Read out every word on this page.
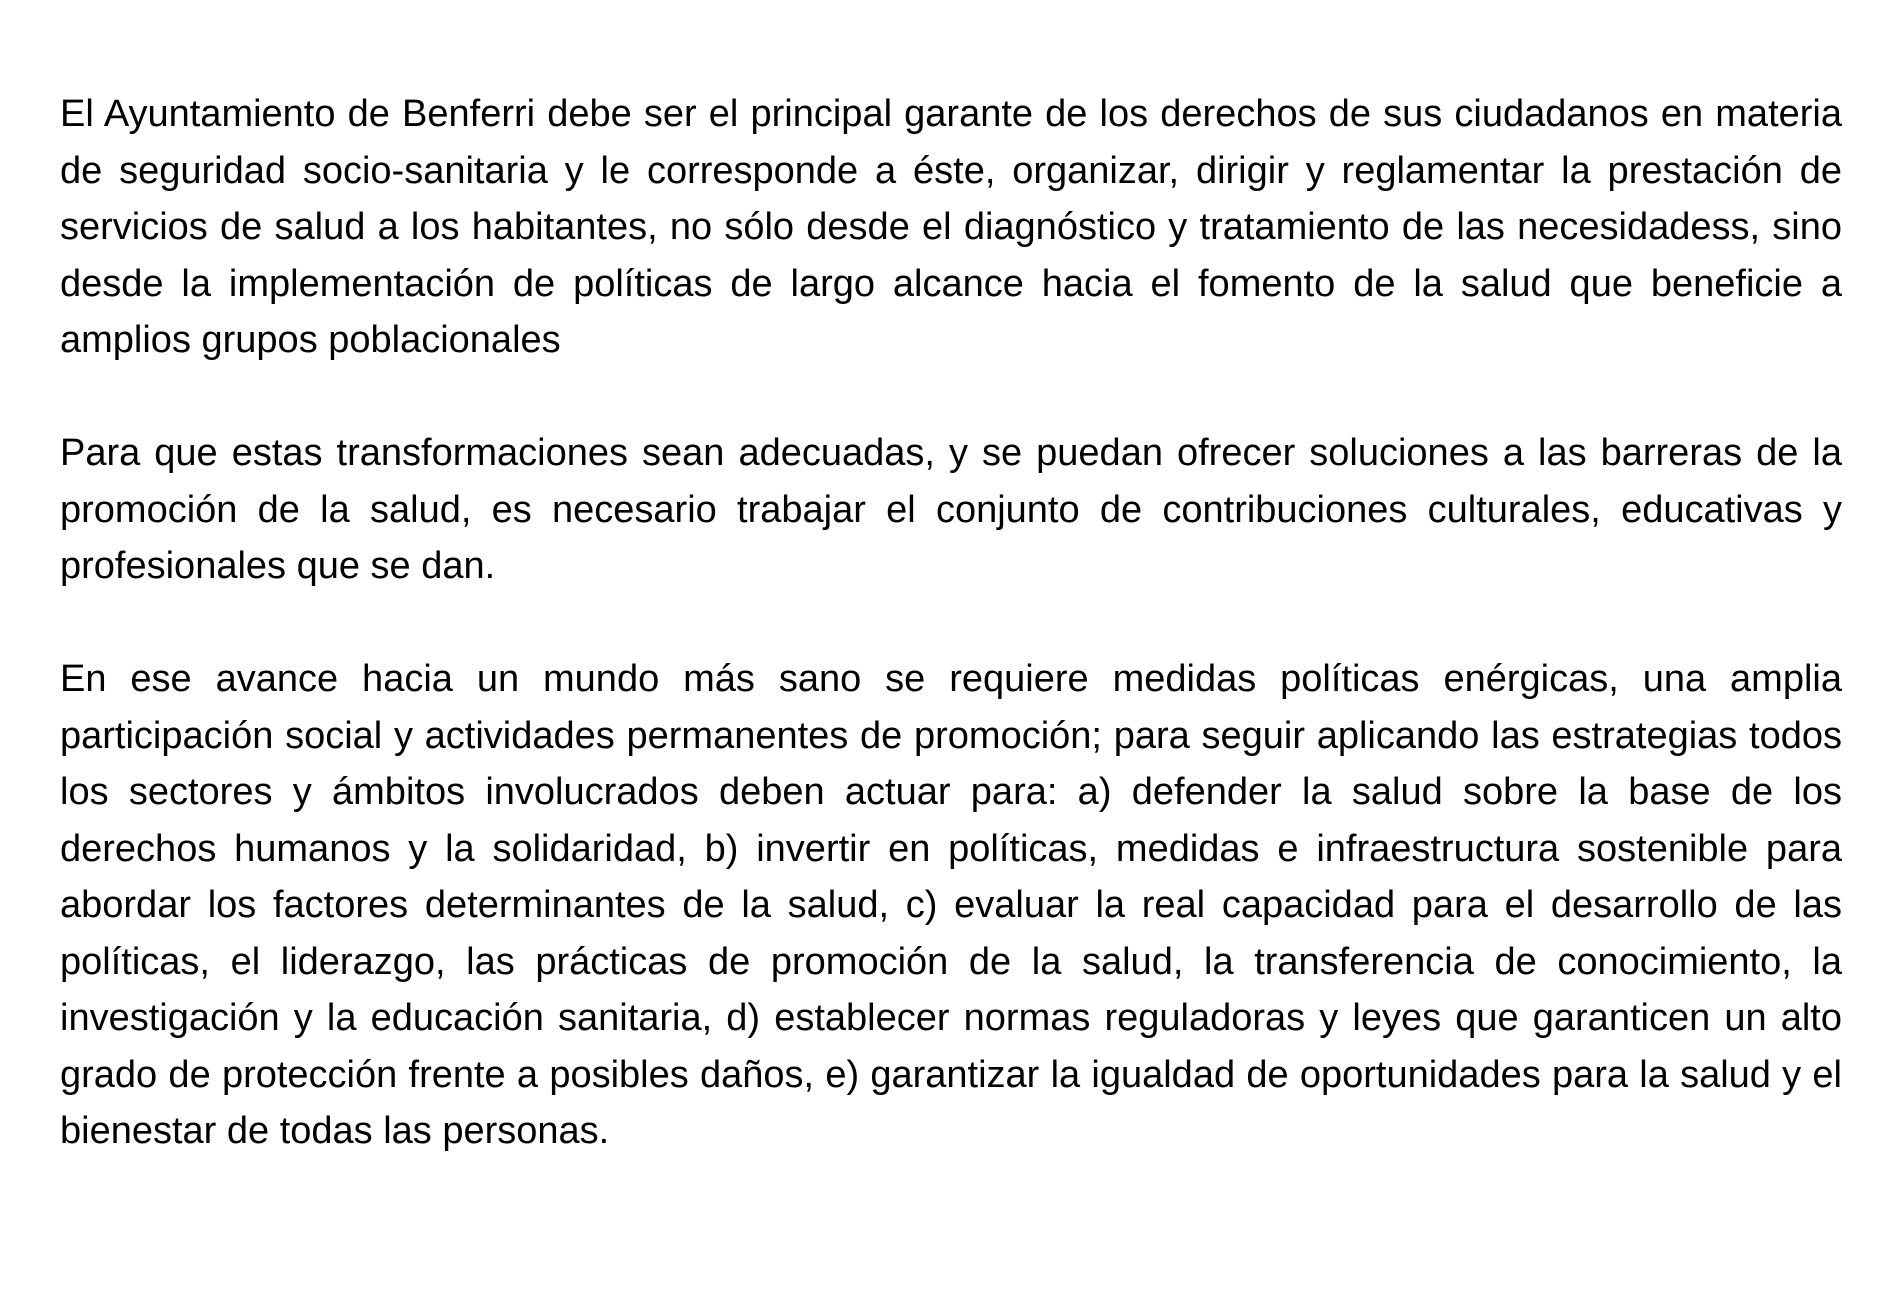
El Ayuntamiento de Benferri debe ser el principal garante de los derechos de sus ciudadanos en materia de seguridad socio-sanitaria y le corresponde a éste, organizar, dirigir y reglamentar la prestación de servicios de salud a los habitantes, no sólo desde el diagnóstico y tratamiento de las necesidadess, sino desde la implementación de políticas de largo alcance hacia el fomento de la salud que beneficie a amplios grupos poblacionales

Para que estas transformaciones sean adecuadas, y se puedan ofrecer soluciones a las barreras de la promoción de la salud, es necesario trabajar el conjunto de contribuciones culturales, educativas y profesionales que se dan.

En ese avance hacia un mundo más sano se requiere medidas políticas enérgicas, una amplia participación social y actividades permanentes de promoción; para seguir aplicando las estrategias todos los sectores y ámbitos involucrados deben actuar para: a) defender la salud sobre la base de los derechos humanos y la solidaridad, b) invertir en políticas, medidas e infraestructura sostenible para abordar los factores determinantes de la salud, c) evaluar la real capacidad para el desarrollo de las políticas, el liderazgo, las prácticas de promoción de la salud, la transferencia de conocimiento, la investigación y la educación sanitaria, d) establecer normas reguladoras y leyes que garanticen un alto grado de protección frente a posibles daños, e) garantizar la igualdad de oportunidades para la salud y el bienestar de todas las personas.
